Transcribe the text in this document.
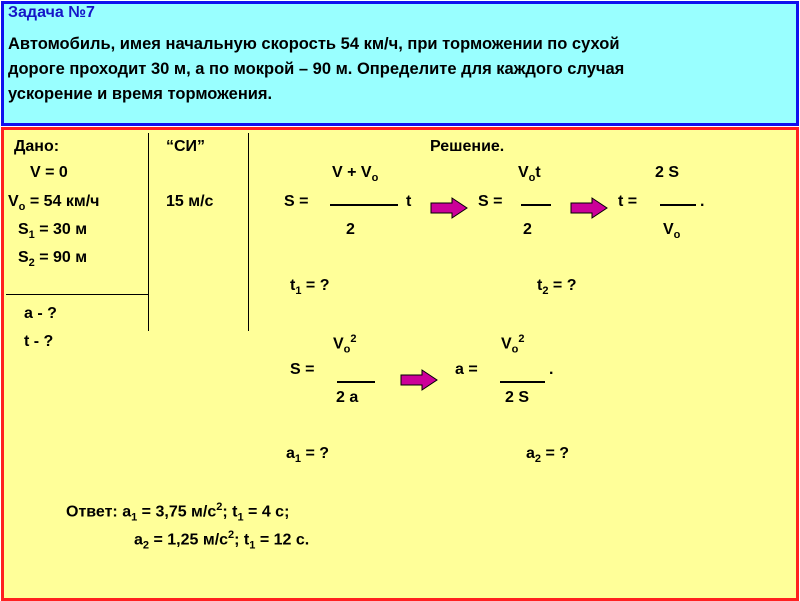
Задача №7
Автомобиль, имея начальную скорость 54 км/ч, при торможении по сухой
дороге проходит 30 м, а по мокрой – 90 м. Определите для каждого случая
ускорение и время торможения.
Дано:
V = 0
$V_o = 54$ км/ч
$S_1 = 30$ м
$S_2 = 90$ м
a - ?
t - ?
“СИ”
15 м/с
Решение.
$V + V_o$
S =	t
2
$V_ot$
S =
2
2 S
t =	.
$V_o$
$t_1$ = ?	$t_2$ = ?
$V_o^2$
S =
2 a
$V_o^2$
a =	.
2 S
$a_1$ = ?	$a_2$ = ?
Ответ: $a_1 = 3,75$ $м/c^2$; $t_1 = 4$ с;
$a_2 = 1,25$ $м/c^2$; $t_1 = 12$ с.
